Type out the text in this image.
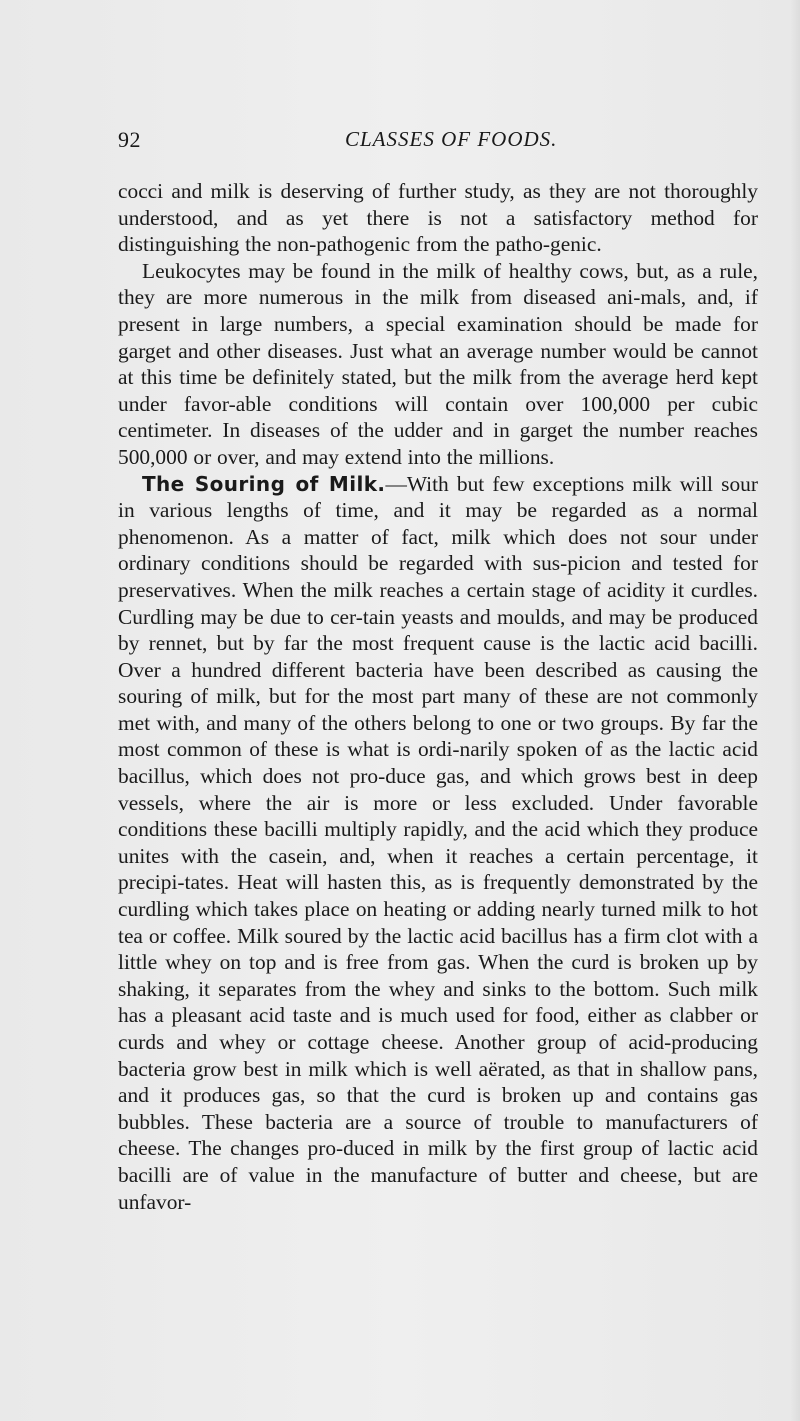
92	CLASSES OF FOODS.

cocci and milk is deserving of further study, as they are not thoroughly understood, and as yet there is not a satisfactory method for distinguishing the non-pathogenic from the patho-genic.

Leukocytes may be found in the milk of healthy cows, but, as a rule, they are more numerous in the milk from diseased ani-mals, and, if present in large numbers, a special examination should be made for garget and other diseases. Just what an average number would be cannot at this time be definitely stated, but the milk from the average herd kept under favor-able conditions will contain over 100,000 per cubic centimeter. In diseases of the udder and in garget the number reaches 500,000 or over, and may extend into the millions.

The Souring of Milk.—With but few exceptions milk will sour in various lengths of time, and it may be regarded as a normal phenomenon. As a matter of fact, milk which does not sour under ordinary conditions should be regarded with sus-picion and tested for preservatives. When the milk reaches a certain stage of acidity it curdles. Curdling may be due to cer-tain yeasts and moulds, and may be produced by rennet, but by far the most frequent cause is the lactic acid bacilli. Over a hundred different bacteria have been described as causing the souring of milk, but for the most part many of these are not commonly met with, and many of the others belong to one or two groups. By far the most common of these is what is ordi-narily spoken of as the lactic acid bacillus, which does not pro-duce gas, and which grows best in deep vessels, where the air is more or less excluded. Under favorable conditions these bacilli multiply rapidly, and the acid which they produce unites with the casein, and, when it reaches a certain percentage, it precipi-tates. Heat will hasten this, as is frequently demonstrated by the curdling which takes place on heating or adding nearly turned milk to hot tea or coffee. Milk soured by the lactic acid bacillus has a firm clot with a little whey on top and is free from gas. When the curd is broken up by shaking, it separates from the whey and sinks to the bottom. Such milk has a pleasant acid taste and is much used for food, either as clabber or curds and whey or cottage cheese. Another group of acid-producing bacteria grow best in milk which is well aërated, as that in shallow pans, and it produces gas, so that the curd is broken up and contains gas bubbles. These bacteria are a source of trouble to manufacturers of cheese. The changes pro-duced in milk by the first group of lactic acid bacilli are of value in the manufacture of butter and cheese, but are unfavor-
